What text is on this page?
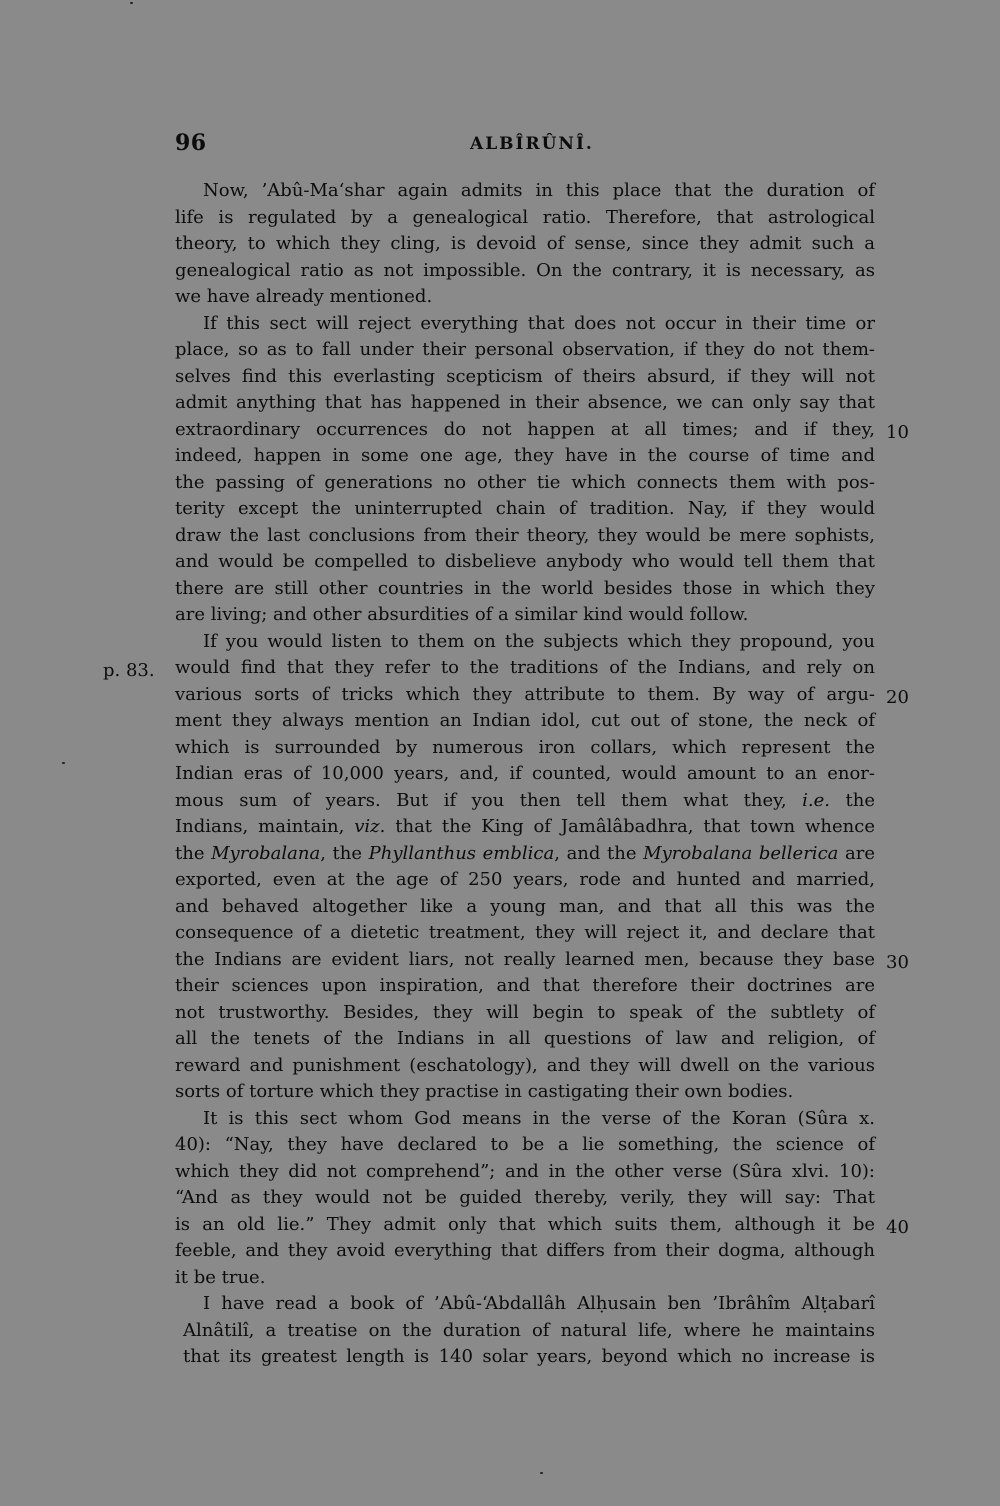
96	ALBÎRÛNÎ.
10
20
30
40
p. 83.
Now, ’Abû-Ma‘shar again admits in this place that the duration of
life is regulated by a genealogical ratio. Therefore, that astrological
theory, to which they cling, is devoid of sense, since they admit such a
genealogical ratio as not impossible. On the contrary, it is necessary, as
we have already mentioned.
If this sect will reject everything that does not occur in their time or
place, so as to fall under their personal observation, if they do not them-
selves find this everlasting scepticism of theirs absurd, if they will not
admit anything that has happened in their absence, we can only say that
extraordinary occurrences do not happen at all times; and if they,
indeed, happen in some one age, they have in the course of time and
the passing of generations no other tie which connects them with pos-
terity except the uninterrupted chain of tradition. Nay, if they would
draw the last conclusions from their theory, they would be mere sophists,
and would be compelled to disbelieve anybody who would tell them that
there are still other countries in the world besides those in which they
are living; and other absurdities of a similar kind would follow.
If you would listen to them on the subjects which they propound, you
would find that they refer to the traditions of the Indians, and rely on
various sorts of tricks which they attribute to them. By way of argu-
ment they always mention an Indian idol, cut out of stone, the neck of
which is surrounded by numerous iron collars, which represent the
Indian eras of 10,000 years, and, if counted, would amount to an enor-
mous sum of years. But if you then tell them what they, i.e. the
Indians, maintain, viz. that the King of Jamâlâbadhra, that town whence
the Myrobalana, the Phyllanthus emblica, and the Myrobalana bellerica are
exported, even at the age of 250 years, rode and hunted and married,
and behaved altogether like a young man, and that all this was the
consequence of a dietetic treatment, they will reject it, and declare that
the Indians are evident liars, not really learned men, because they base
their sciences upon inspiration, and that therefore their doctrines are
not trustworthy. Besides, they will begin to speak of the subtlety of
all the tenets of the Indians in all questions of law and religion, of
reward and punishment (eschatology), and they will dwell on the various
sorts of torture which they practise in castigating their own bodies.
It is this sect whom God means in the verse of the Koran (Sûra x.
40): “Nay, they have declared to be a lie something, the science of
which they did not comprehend”; and in the other verse (Sûra xlvi. 10):
“And as they would not be guided thereby, verily, they will say: That
is an old lie.” They admit only that which suits them, although it be
feeble, and they avoid everything that differs from their dogma, although
it be true.
I have read a book of ’Abû-‘Abdallâh Alḥusain ben ’Ibrâhîm Alṭabarî
Alnâtilî, a treatise on the duration of natural life, where he maintains
that its greatest length is 140 solar years, beyond which no increase is
